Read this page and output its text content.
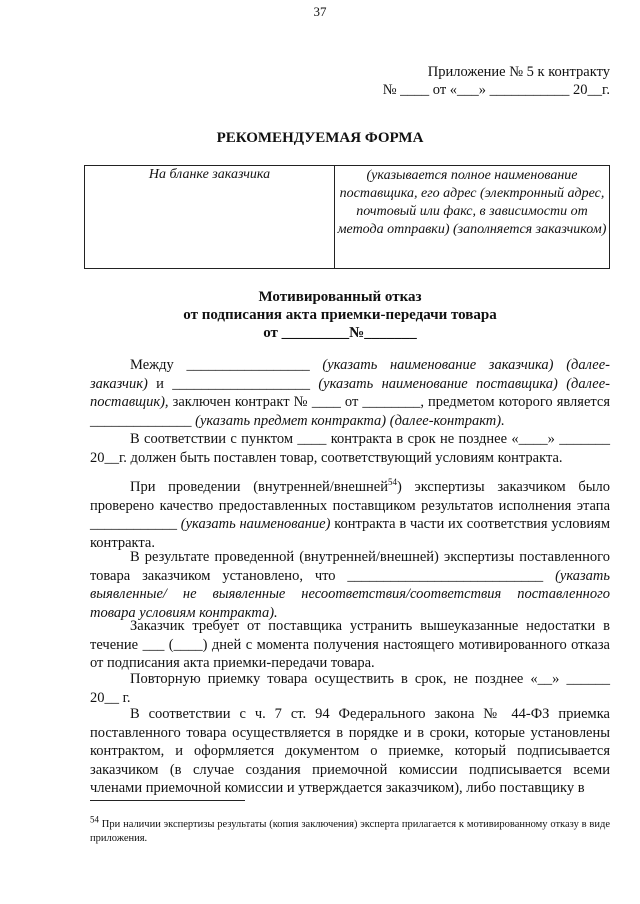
37
Приложение № 5 к контракту
№ ____ от «___» ___________ 20__г.
РЕКОМЕНДУЕМАЯ ФОРМА
На бланке заказчика	(указывается полное наименование поставщика, его адрес (электронный адрес, почтовый или факс, в зависимости от метода отправки) (заполняется заказчиком)
Мотивированный отказ
от подписания акта приемки-передачи товара
от _________№_______
Между _________________ (указать наименование заказчика) (далее-заказчик) и ___________________ (указать наименование поставщика) (далее-поставщик), заключен контракт № ____ от ________, предметом которого является ______________ (указать предмет контракта) (далее-контракт).
В соответствии с пунктом ____ контракта в срок не позднее «____» _______ 20__г. должен быть поставлен товар, соответствующий условиям контракта.
При проведении (внутренней/внешней$^{54}$) экспертизы заказчиком было проверено качество предоставленных поставщиком результатов исполнения этапа ____________ (указать наименование) контракта в части их соответствия условиям контракта.
В результате проведенной (внутренней/внешней) экспертизы поставленного товара заказчиком установлено, что ___________________________ (указать выявленные/ не выявленные несоответствия/соответствия поставленного товара условиям контракта).
Заказчик требует от поставщика устранить вышеуказанные недостатки в течение ___ (____) дней с момента получения настоящего мотивированного отказа от подписания акта приемки-передачи товара.
Повторную приемку товара осуществить в срок, не позднее «__» ______ 20__ г.
В соответствии с ч. 7 ст. 94 Федерального закона № 44-ФЗ приемка поставленного товара осуществляется в порядке и в сроки, которые установлены контрактом, и оформляется документом о приемке, который подписывается заказчиком (в случае создания приемочной комиссии подписывается всеми членами приемочной комиссии и утверждается заказчиком), либо поставщику в
$^{54}$ При наличии экспертизы результаты (копия заключения) эксперта прилагается к мотивированному отказу в виде приложения.
